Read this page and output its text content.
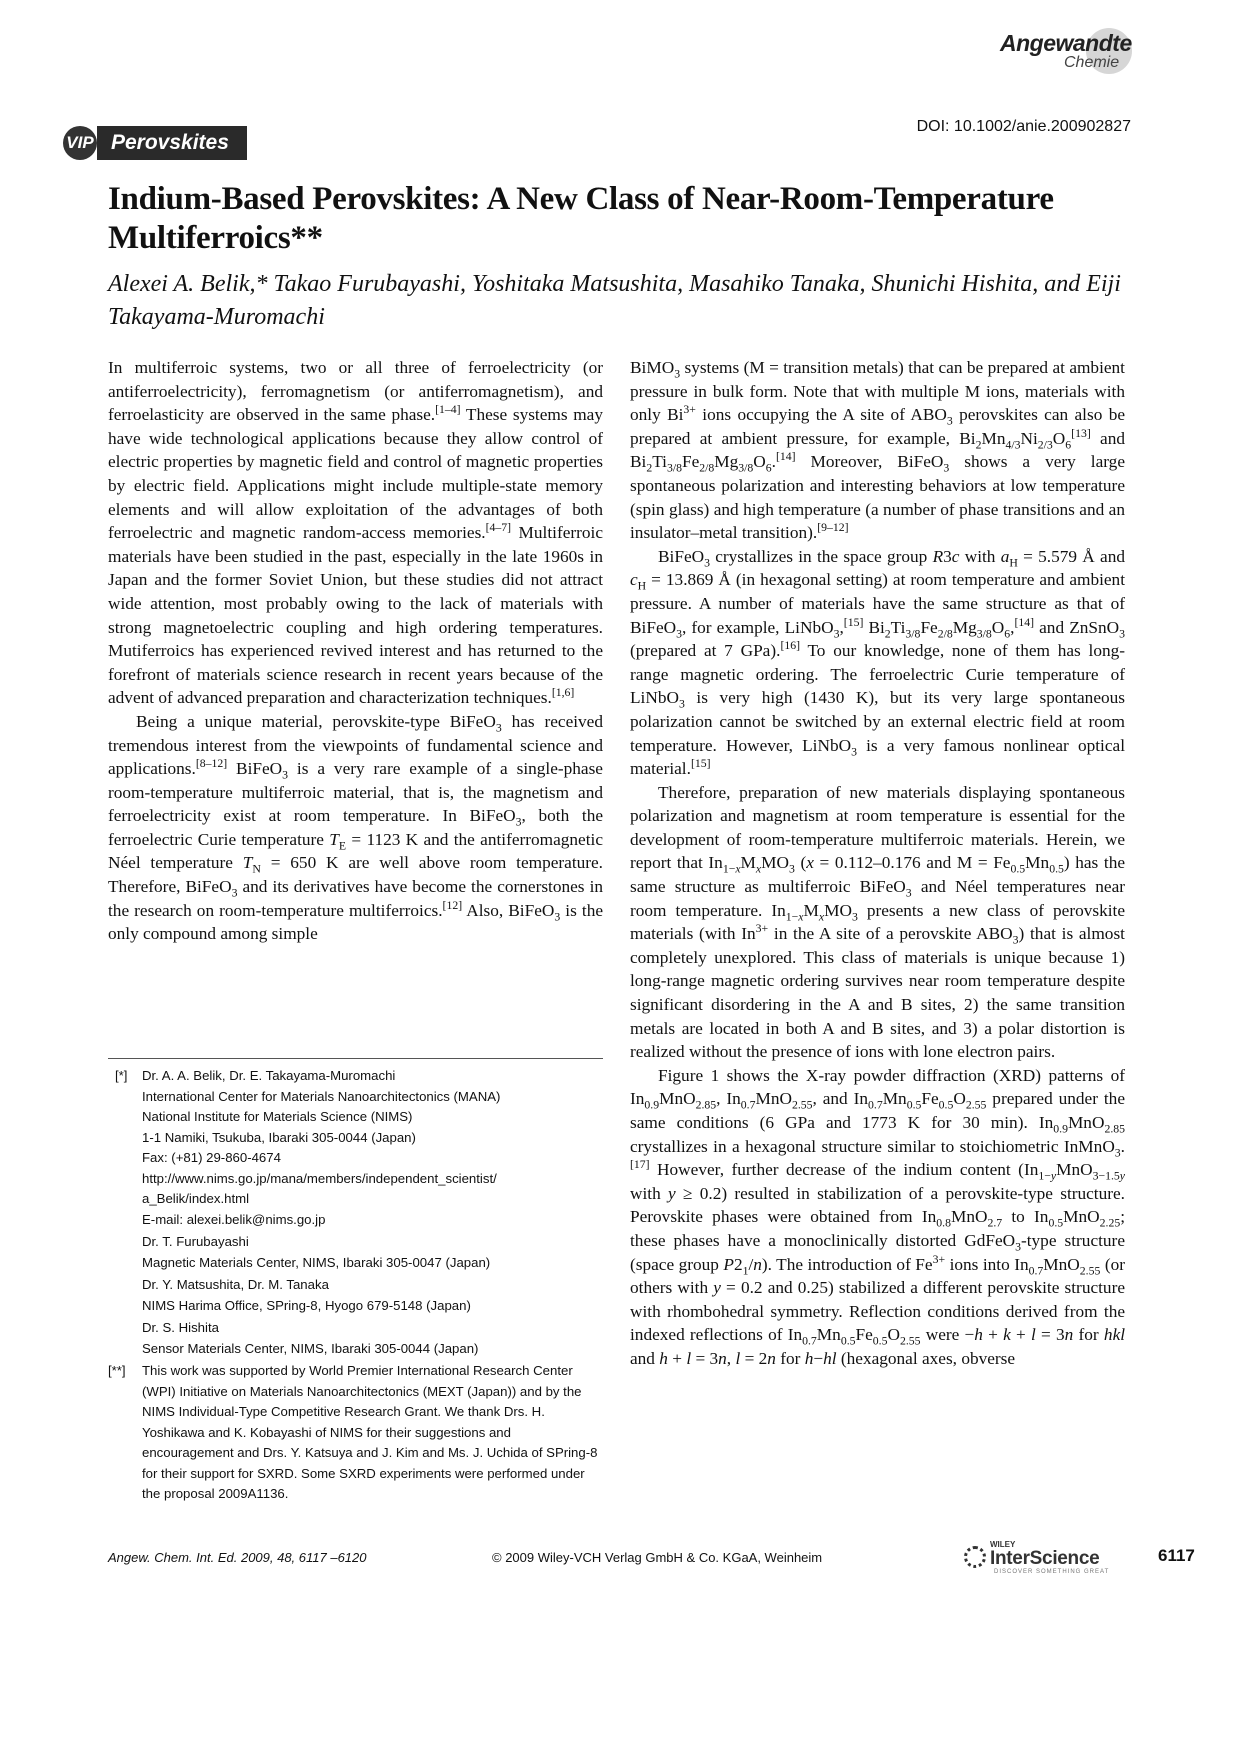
Angewandte
Chemie
DOI: 10.1002/anie.200902827
VIP Perovskites
Indium-Based Perovskites: A New Class of Near-Room-Temperature Multiferroics**
Alexei A. Belik,* Takao Furubayashi, Yoshitaka Matsushita, Masahiko Tanaka, Shunichi Hishita, and Eiji Takayama-Muromachi

In multiferroic systems, two or all three of ferroelectricity (or antiferroelectricity), ferromagnetism (or antiferromagnetism), and ferroelasticity are observed in the same phase.[1–4] These systems may have wide technological applications because they allow control of electric properties by magnetic field and control of magnetic properties by electric field. Applications might include multiple-state memory elements and will allow exploitation of the advantages of both ferroelectric and magnetic random-access memories.[4–7] Multiferroic materials have been studied in the past, especially in the late 1960s in Japan and the former Soviet Union, but these studies did not attract wide attention, most probably owing to the lack of materials with strong magnetoelectric coupling and high ordering temperatures. Mutiferroics has experienced revived interest and has returned to the forefront of materials science research in recent years because of the advent of advanced preparation and characterization techniques.[1,6]

Being a unique material, perovskite-type BiFeO$_3$ has received tremendous interest from the viewpoints of fundamental science and applications.[8–12] BiFeO$_3$ is a very rare example of a single-phase room-temperature multiferroic material, that is, the magnetism and ferroelectricity exist at room temperature. In BiFeO$_3$, both the ferroelectric Curie temperature $T_E = 1123$ K and the antiferromagnetic Néel temperature $T_N = 650$ K are well above room temperature. Therefore, BiFeO$_3$ and its derivatives have become the cornerstones in the research on room-temperature multiferroics.[12] Also, BiFeO$_3$ is the only compound among simple

BiMO$_3$ systems (M = transition metals) that can be prepared at ambient pressure in bulk form. Note that with multiple M ions, materials with only $Bi^{3+}$ ions occupying the A site of $ABO_3$ perovskites can also be prepared at ambient pressure, for example, $Bi_2Mn_{4/3}Ni_{2/3}O_6[13]$ and $Bi_2Ti_{3/8}Fe_{2/8}Mg_{3/8}O_6.[14]$ Moreover, BiFeO$_3$ shows a very large spontaneous polarization and interesting behaviors at low temperature (spin glass) and high temperature (a number of phase transitions and an insulator–metal transition).[9–12]

BiFeO$_3$ crystallizes in the space group R3c with $a_H = 5.579$ Å and $c_H = 13.869$ Å (in hexagonal setting) at room temperature and ambient pressure. A number of materials have the same structure as that of BiFeO$_3$, for example, LiNbO$_3$,[15] $Bi_2Ti_{3/8}Fe_{2/8}Mg_{3/8}O_6,[14]$ and ZnSnO$_3$ (prepared at 7 GPa).[16] To our knowledge, none of them has long-range magnetic ordering. The ferroelectric Curie temperature of LiNbO$_3$ is very high (1430 K), but its very large spontaneous polarization cannot be switched by an external electric field at room temperature. However, LiNbO$_3$ is a very famous nonlinear optical material.[15]

Therefore, preparation of new materials displaying spontaneous polarization and magnetism at room temperature is essential for the development of room-temperature multiferroic materials. Herein, we report that $In_{1-x}M_xMO_3$ (x = 0.112–0.176 and $M = Fe_{0.5}Mn_{0.5}$) has the same structure as multiferroic BiFeO$_3$ and Néel temperatures near room temperature. $In_{1-x}M_xMO_3$ presents a new class of perovskite materials (with $In^{3+}$ in the A site of a perovskite $ABO_3$) that is almost completely unexplored. This class of materials is unique because 1) long-range magnetic ordering survives near room temperature despite significant disordering in the A and B sites, 2) the same transition metals are located in both A and B sites, and 3) a polar distortion is realized without the presence of ions with lone electron pairs.

Figure 1 shows the X-ray powder diffraction (XRD) patterns of $In_{0.9}MnO_{2.85}$, $In_{0.7}MnO_{2.55}$, and $In_{0.7}Mn_{0.5}Fe_{0.5}O_{2.55}$ prepared under the same conditions (6 GPa and 1773 K for 30 min). $In_{0.9}MnO_{2.85}$ crystallizes in a hexagonal structure similar to stoichiometric InMnO$_3$.[17] However, further decrease of the indium content ($In_{1-y}MnO_{3-1.5y}$ with y ≥ 0.2) resulted in stabilization of a perovskite-type structure. Perovskite phases were obtained from $In_{0.8}MnO_{2.7}$ to $In_{0.5}MnO_{2.25}$; these phases have a monoclinically distorted GdFeO$_3$-type structure (space group $P2_1/n$). The introduction of $Fe^{3+}$ ions into $In_{0.7}MnO_{2.55}$ (or others with y = 0.2 and 0.25) stabilized a different perovskite structure with rhombohedral symmetry. Reflection conditions derived from the indexed reflections of $In_{0.7}Mn_{0.5}Fe_{0.5}O_{2.55}$ were −h + k + l = 3n for hkl and h + l = 3n, l = 2n for h−hl (hexagonal axes, obverse

[*] Dr. A. A. Belik, Dr. E. Takayama-Muromachi
International Center for Materials Nanoarchitectonics (MANA)
National Institute for Materials Science (NIMS)
1-1 Namiki, Tsukuba, Ibaraki 305-0044 (Japan)
Fax: (+81) 29-860-4674
http://www.nims.go.jp/mana/members/independent_scientist/
a_Belik/index.html
E-mail: alexei.belik@nims.go.jp
Dr. T. Furubayashi
Magnetic Materials Center, NIMS, Ibaraki 305-0047 (Japan)
Dr. Y. Matsushita, Dr. M. Tanaka
NIMS Harima Office, SPring-8, Hyogo 679-5148 (Japan)
Dr. S. Hishita
Sensor Materials Center, NIMS, Ibaraki 305-0044 (Japan)
[**] This work was supported by World Premier International Research Center (WPI) Initiative on Materials Nanoarchitectonics (MEXT (Japan)) and by the NIMS Individual-Type Competitive Research Grant. We thank Drs. H. Yoshikawa and K. Kobayashi of NIMS for their suggestions and encouragement and Drs. Y. Katsuya and J. Kim and Ms. J. Uchida of SPring-8 for their support for SXRD. Some SXRD experiments were performed under the proposal 2009A1136.
Angew. Chem. Int. Ed. 2009, 48, 6117 –6120	© 2009 Wiley-VCH Verlag GmbH & Co. KGaA, Weinheim
WILEY
InterScience
DISCOVER SOMETHING GREAT
6117
